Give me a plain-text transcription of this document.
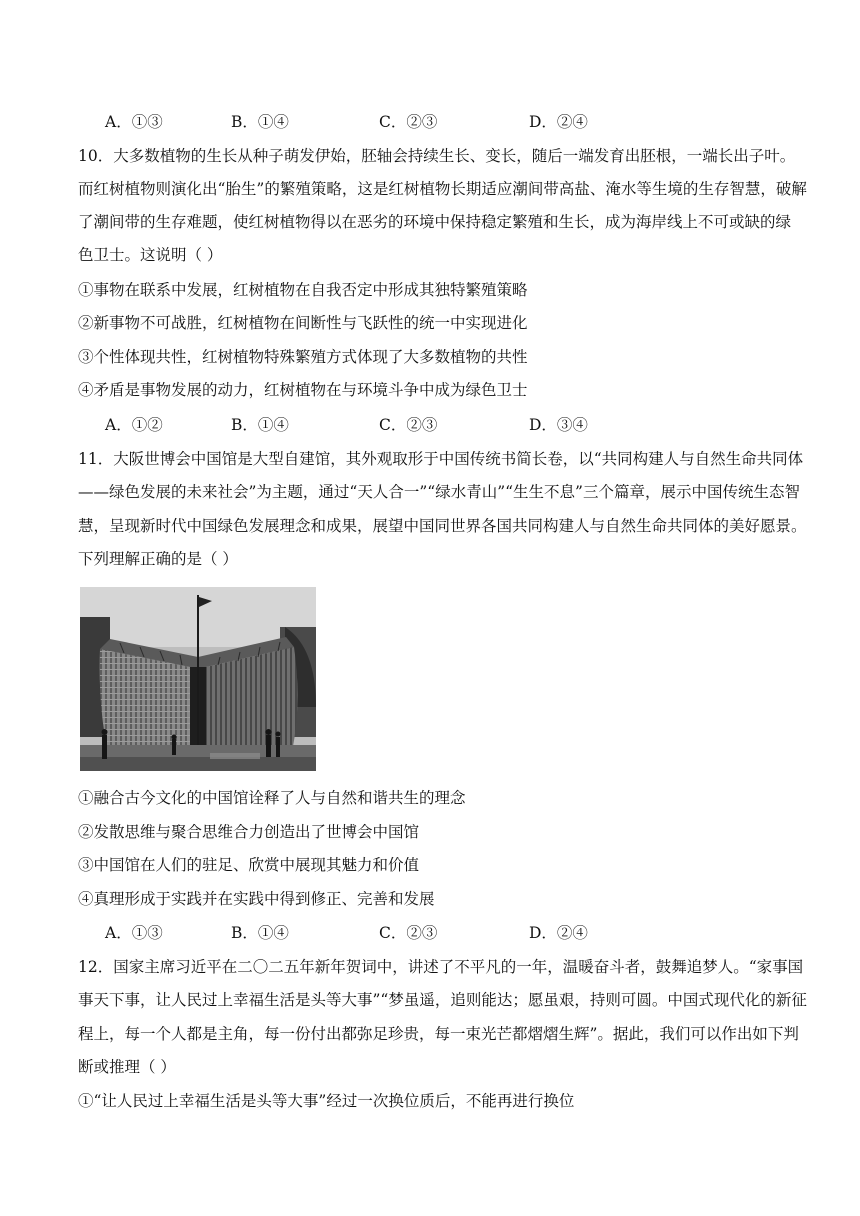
A．①③	B．①④	C．②③	D．②④
10．大多数植物的生长从种子萌发伊始，胚轴会持续生长、变长，随后一端发育出胚根，一端长出子叶。
而红树植物则演化出“胎生”的繁殖策略，这是红树植物长期适应潮间带高盐、淹水等生境的生存智慧，破解
了潮间带的生存难题，使红树植物得以在恶劣的环境中保持稳定繁殖和生长，成为海岸线上不可或缺的绿
色卫士。这说明（ ）
①事物在联系中发展，红树植物在自我否定中形成其独特繁殖策略
②新事物不可战胜，红树植物在间断性与飞跃性的统一中实现进化
③个性体现共性，红树植物特殊繁殖方式体现了大多数植物的共性
④矛盾是事物发展的动力，红树植物在与环境斗争中成为绿色卫士
A．①②	B．①④	C．②③	D．③④
11．大阪世博会中国馆是大型自建馆，其外观取形于中国传统书简长卷，以“共同构建人与自然生命共同体
——绿色发展的未来社会”为主题，通过“天人合一”“绿水青山”“生生不息”三个篇章，展示中国传统生态智
慧，呈现新时代中国绿色发展理念和成果，展望中国同世界各国共同构建人与自然生命共同体的美好愿景。
下列理解正确的是（ ）
①融合古今文化的中国馆诠释了人与自然和谐共生的理念
②发散思维与聚合思维合力创造出了世博会中国馆
③中国馆在人们的驻足、欣赏中展现其魅力和价值
④真理形成于实践并在实践中得到修正、完善和发展
A．①③	B．①④	C．②③	D．②④
12．国家主席习近平在二〇二五年新年贺词中，讲述了不平凡的一年，温暖奋斗者，鼓舞追梦人。“家事国
事天下事，让人民过上幸福生活是头等大事”“梦虽遥，追则能达；愿虽艰，持则可圆。中国式现代化的新征
程上，每一个人都是主角，每一份付出都弥足珍贵，每一束光芒都熠熠生辉”。据此，我们可以作出如下判
断或推理（ ）
①“让人民过上幸福生活是头等大事”经过一次换位质后，不能再进行换位
